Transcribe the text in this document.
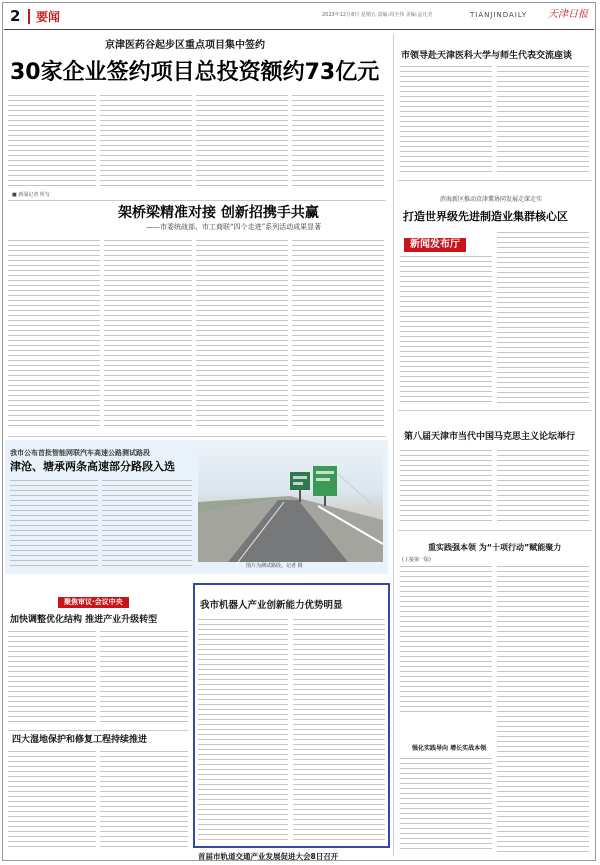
2 要闻	2023年12月8日 星期五 责编:周全伟 美编:孟凡莹	TIANJINDAILY 天津日报
京津医药谷起步区重点项目集中签约
30家企业签约项目总投资额约73亿元
■ 新闻记者 所写
架桥梁精准对接 创新招携手共赢
——市委统战部、市工商联“四个走进”系列活动成果显著
市领导赴天津医科大学与师生代表交流座谈
滨海新区推动京津冀协同发展走深走实
打造世界级先进制造业集群核心区
新闻发布厅
第八届天津市当代中国马克思主义论坛举行
我市公布首批智能网联汽车高速公路测试路段
津沧、塘承两条高速部分路段入选
图片为测试路段。记者 摄
聚焦审议·会议中央
加快调整优化结构 推进产业升级转型
四大湿地保护和修复工程持续推进
我市机器人产业创新能力优势明显
首届市轨道交通产业发展促进大会8日召开
重实践强本领 为“十项行动”赋能聚力
(上接第一版)
强化实践导向 增长实战本领
